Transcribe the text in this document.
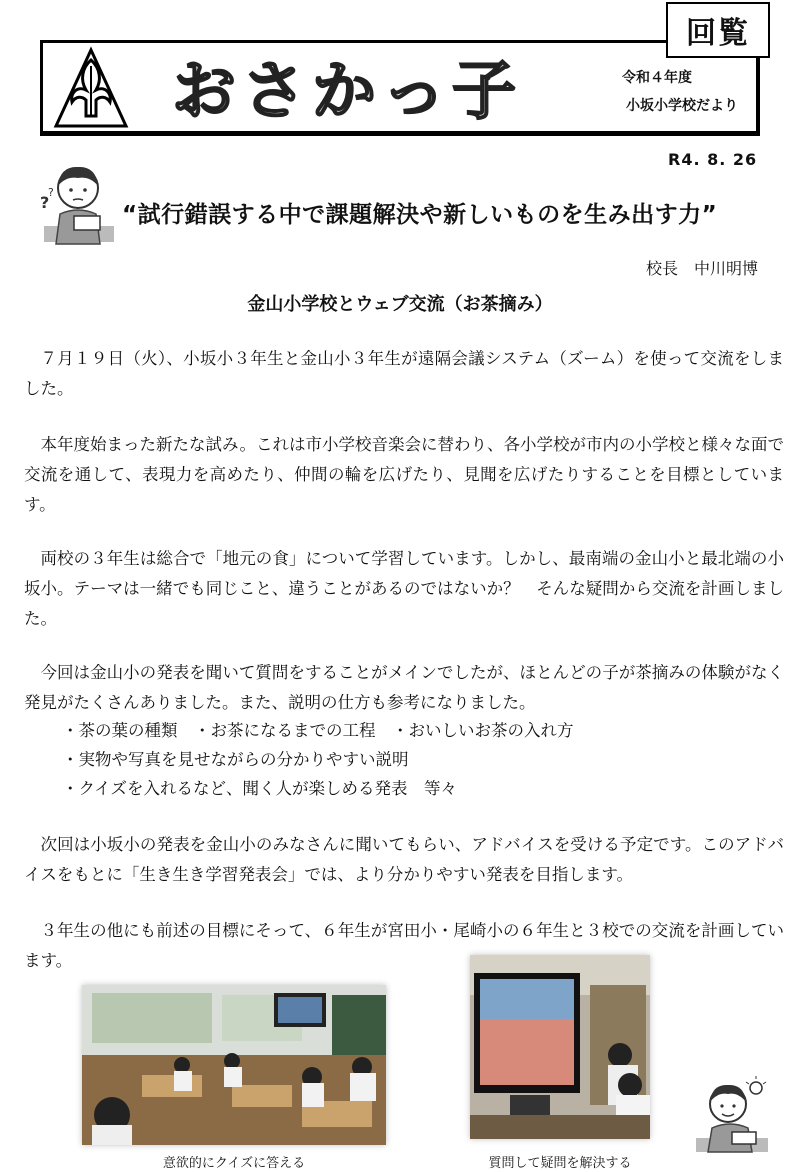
回覧
おさかっ子	令和４年度
小坂小学校だより
R4. 8. 26
?
?
“試行錯誤する中で課題解決や新しいものを生み出す力”
校長　中川明博
金山小学校とウェブ交流（お茶摘み）
７月１９日（火）、小坂小３年生と金山小３年生が遠隔会議システム（ズーム）を使って交流をしました。
本年度始まった新たな試み。これは市小学校音楽会に替わり、各小学校が市内の小学校と様々な面で交流を通して、表現力を高めたり、仲間の輪を広げたり、見聞を広げたりすることを目標としています。
両校の３年生は総合で「地元の食」について学習しています。しかし、最南端の金山小と最北端の小坂小。テーマは一緒でも同じこと、違うことがあるのではないか？　そんな疑問から交流を計画しました。
今回は金山小の発表を聞いて質問をすることがメインでしたが、ほとんどの子が茶摘みの体験がなく発見がたくさんありました。また、説明の仕方も参考になりました。
・茶の葉の種類　・お茶になるまでの工程　・おいしいお茶の入れ方
・実物や写真を見せながらの分かりやすい説明
・クイズを入れるなど、聞く人が楽しめる発表　等々
次回は小坂小の発表を金山小のみなさんに聞いてもらい、アドバイスを受ける予定です。このアドバイスをもとに「生き生き学習発表会」では、より分かりやすい発表を目指します。
３年生の他にも前述の目標にそって、６年生が宮田小・尾崎小の６年生と３校での交流を計画しています。
意欲的にクイズに答える	質問して疑問を解決する
